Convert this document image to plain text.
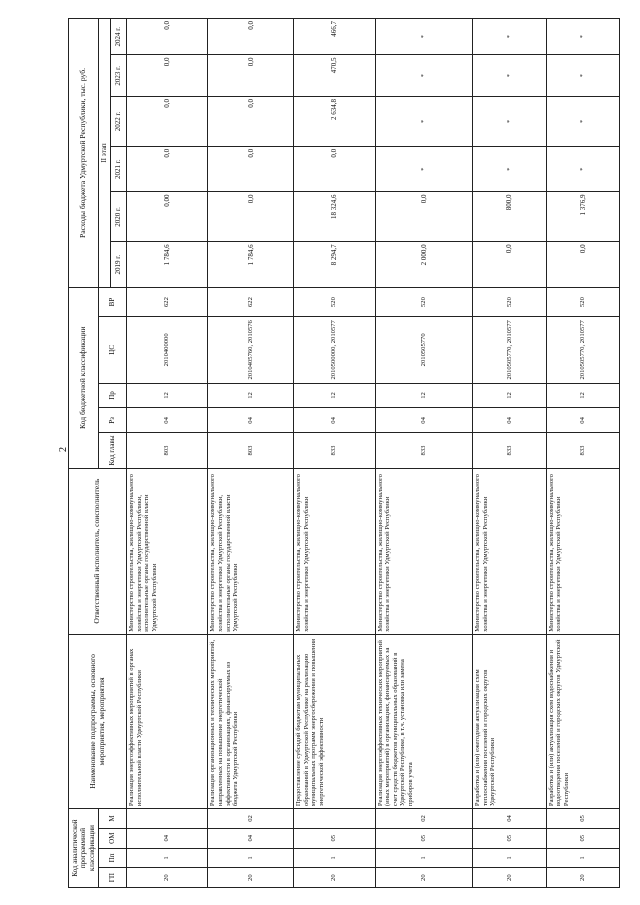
2
Код аналитической программной классификации				Наименование подпрограммы, основного мероприятия, мероприятия	Ответственный исполнитель, соисполнитель	Код бюджетной классификации					Расходы бюджета Удмуртской Республики, тыс. руб.					
ГП	Пп	ОМ	М			Код главы	Рз	Пр	ЦС	ВР	II этап					
											2019 г.	2020 г.	2021 г.	2022 г.	2023 г.	2024 г.
20	1	04		Реализация энергоэффективных мероприятий в органах исполнительной власти Удмуртской Республики	Министерство строительства, жилищно-коммунального хозяйства и энергетики Удмуртской Республики, исполнительные органы государственной власти Удмуртской Республики	803	04	12	2010400000	622	1 784,6	0,00	0,0	0,0	0,0	0,0
20	1	04	02	Реализация организационных и технических мероприятий, направленных на повышение энергетической эффективности в организациях, финансируемых из бюджета Удмуртской Республики	Министерство строительства, жилищно-коммунального хозяйства и энергетики Удмуртской Республики, исполнительные органы государственной власти Удмуртской Республики	803	04	12	2010405760, 2010576	622	1 784,6	0,0	0,0	0,0	0,0	0,0
20	1	05		Предоставление субсидий бюджетам муниципальных образований в Удмуртской Республике на реализацию муниципальных программ энергосбережения и повышения энергетической эффективности	Министерство строительства, жилищно-коммунального хозяйства и энергетики Удмуртской Республики	833	04	12	2010500000, 2010577	520	8 294,7	18 324,6	0,0	2 634,8	470,5	466,7
20	1	05	02	Реализация энергоэффективных технических мероприятий (иных мероприятий) в организациях, финансируемых за счет средств бюджетов муниципальных образований в Удмуртской Республике, в т.ч. установка или замена приборов учета	Министерство строительства, жилищно-коммунального хозяйства и энергетики Удмуртской Республики	833	04	12	2010505770	520	2 000,0	0,0	*	*	*	*
20	1	05	04	Разработка и (или) ежегодная актуализация схем теплоснабжения поселений и городских округов Удмуртской Республики	Министерство строительства, жилищно-коммунального хозяйства и энергетики Удмуртской Республики	833	04	12	2010505770, 2010577	520	0,0	800,0	*	*	*	*
20	1	05	05	Разработка и (или) актуализация схем водоснабжения и водоотведения поселений и городских округов Удмуртской Республики	Министерство строительства, жилищно-коммунального хозяйства и энергетики Удмуртской Республики	833	04	12	2010505770, 2010577	520	0,0	1 376,9	*	*	*	*
